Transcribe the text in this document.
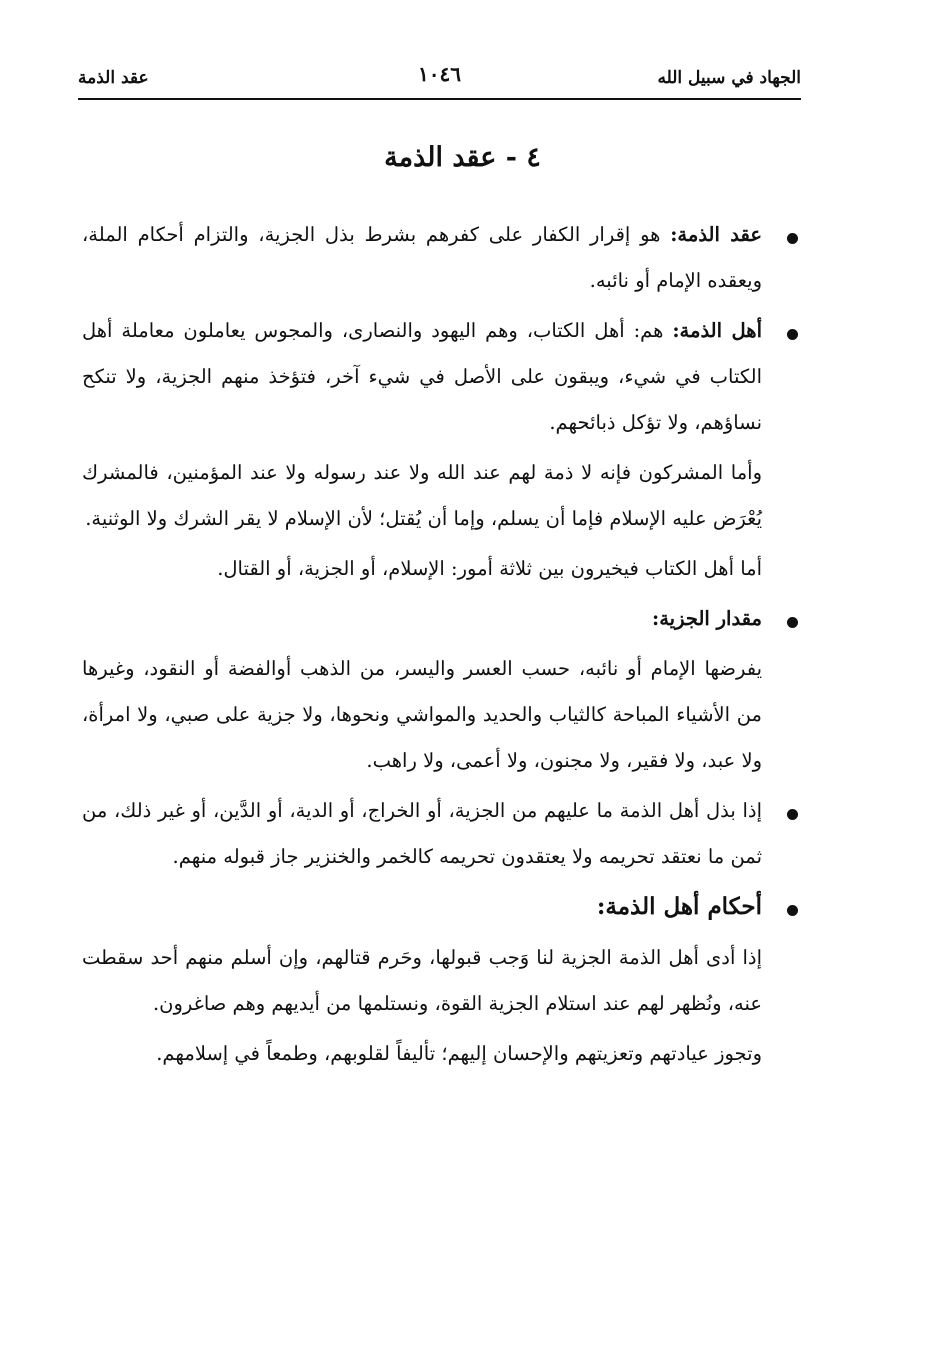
الجهاد في سبيل الله
١٠٤٦
عقد الذمة
٤ - عقد الذمة
عقد الذمة: هو إقرار الكفار على كفرهم بشرط بذل الجزية، والتزام أحكام الملة، ويعقده الإمام أو نائبه.
أهل الذمة: هم: أهل الكتاب، وهم اليهود والنصارى، والمجوس يعاملون معاملة أهل الكتاب في شيء، ويبقون على الأصل في شيء آخر، فتؤخذ منهم الجزية، ولا تنكح نساؤهم، ولا تؤكل ذبائحهم.
وأما المشركون فإنه لا ذمة لهم عند الله ولا عند رسوله ولا عند المؤمنين، فالمشرك يُعْرَض عليه الإسلام فإما أن يسلم، وإما أن يُقتل؛ لأن الإسلام لا يقر الشرك ولا الوثنية.
أما أهل الكتاب فيخيرون بين ثلاثة أمور: الإسلام، أو الجزية، أو القتال.
مقدار الجزية:
يفرضها الإمام أو نائبه، حسب العسر واليسر، من الذهب أوالفضة أو النقود، وغيرها من الأشياء المباحة كالثياب والحديد والمواشي ونحوها، ولا جزية على صبي، ولا امرأة، ولا عبد، ولا فقير، ولا مجنون، ولا أعمى، ولا راهب.
إذا بذل أهل الذمة ما عليهم من الجزية، أو الخراج، أو الدية، أو الدَّين، أو غير ذلك، من ثمن ما نعتقد تحريمه ولا يعتقدون تحريمه كالخمر والخنزير جاز قبوله منهم.
أحكام أهل الذمة:
إذا أدى أهل الذمة الجزية لنا وَجب قبولها، وحَرم قتالهم، وإن أسلم منهم أحد سقطت عنه، ونُظهر لهم عند استلام الجزية القوة، ونستلمها من أيديهم وهم صاغرون.
وتجوز عيادتهم وتعزيتهم والإحسان إليهم؛ تأليفاً لقلوبهم، وطمعاً في إسلامهم.
